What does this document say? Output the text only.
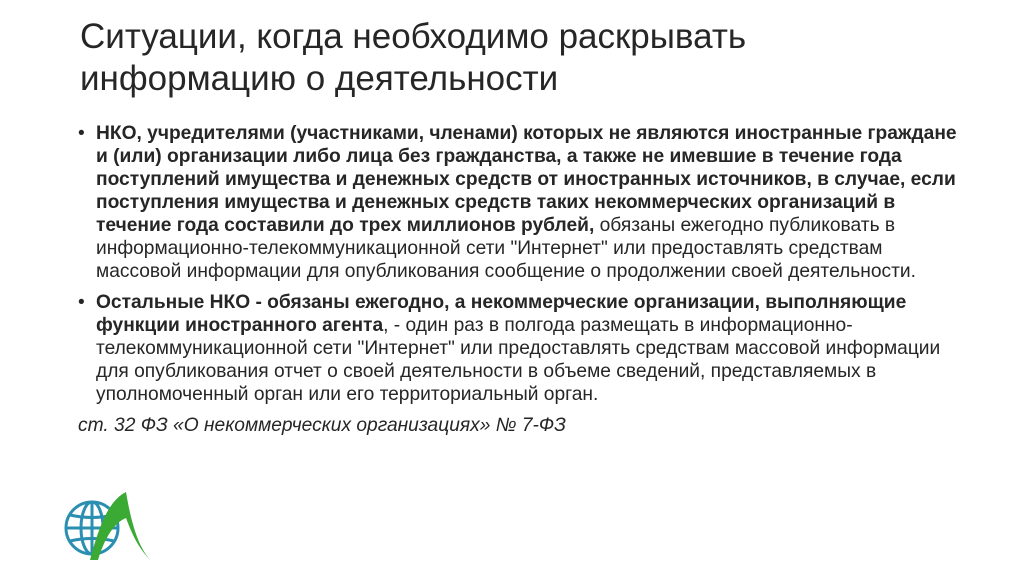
Ситуации, когда необходимо раскрывать информацию о деятельности
• НКО, учредителями (участниками, членами) которых не являются иностранные граждане и (или) организации либо лица без гражданства, а также не имевшие в течение года поступлений имущества и денежных средств от иностранных источников, в случае, если поступления имущества и денежных средств таких некоммерческих организаций в течение года составили до трех миллионов рублей, обязаны ежегодно публиковать в информационно-телекоммуникационной сети "Интернет" или предоставлять средствам массовой информации для опубликования сообщение о продолжении своей деятельности.
• Остальные НКО - обязаны ежегодно, а некоммерческие организации, выполняющие функции иностранного агента, - один раз в полгода размещать в информационно-телекоммуникационной сети "Интернет" или предоставлять средствам массовой информации для опубликования отчет о своей деятельности в объеме сведений, представляемых в уполномоченный орган или его территориальный орган.
ст. 32 ФЗ «О некоммерческих организациях» № 7-ФЗ
